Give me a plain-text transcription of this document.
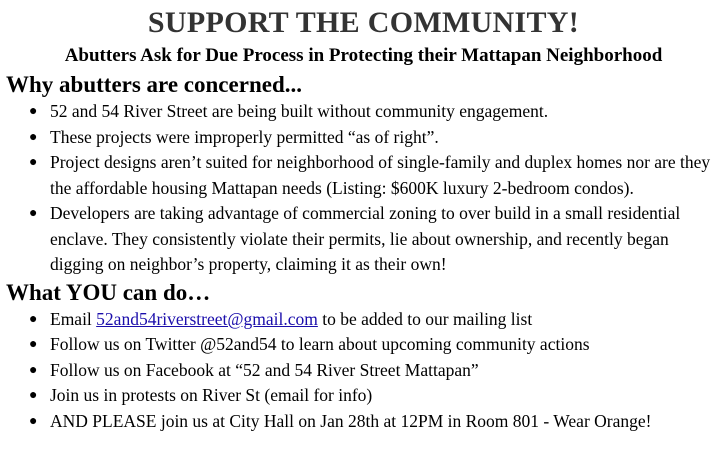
SUPPORT THE COMMUNITY!
Abutters Ask for Due Process in Protecting their Mattapan Neighborhood
Why abutters are concerned...
● 52 and 54 River Street are being built without community engagement.
● These projects were improperly permitted “as of right”.
● Project designs aren’t suited for neighborhood of single-family and duplex homes nor are they the affordable housing Mattapan needs (Listing: $600K luxury 2-bedroom condos).
● Developers are taking advantage of commercial zoning to over build in a small residential enclave. They consistently violate their permits, lie about ownership, and recently began digging on neighbor’s property, claiming it as their own!
What YOU can do…
● Email 52and54riverstreet@gmail.com to be added to our mailing list
● Follow us on Twitter @52and54 to learn about upcoming community actions
● Follow us on Facebook at “52 and 54 River Street Mattapan”
● Join us in protests on River St (email for info)
● AND PLEASE join us at City Hall on Jan 28th at 12PM in Room 801 - Wear Orange!
